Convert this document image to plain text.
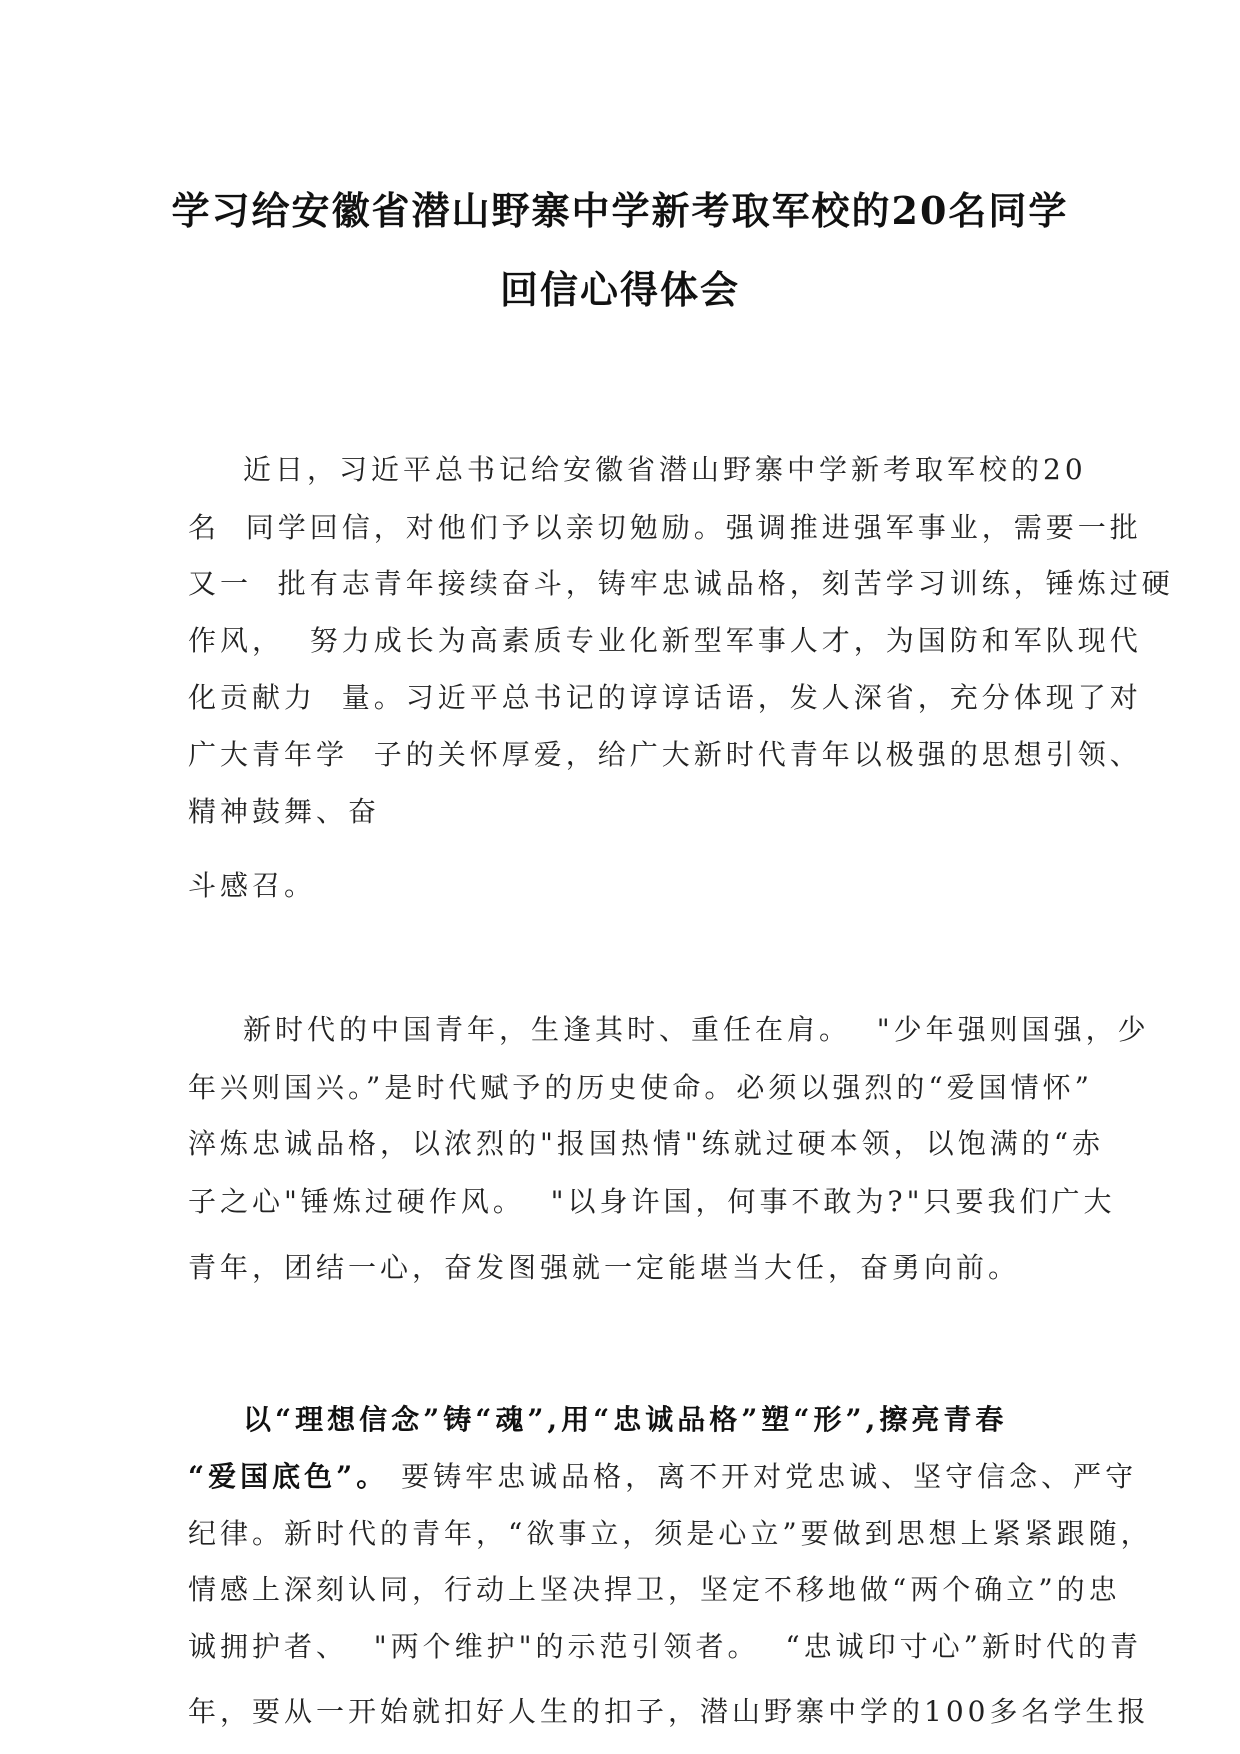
学习给安徽省潜山野寨中学新考取军校的20名同学
回信心得体会
近日，习近平总书记给安徽省潜山野寨中学新考取军校的20
名  同学回信，对他们予以亲切勉励。强调推进强军事业，需要一批
又一  批有志青年接续奋斗，铸牢忠诚品格，刻苦学习训练，锤炼过硬
作风，  努力成长为高素质专业化新型军事人才，为国防和军队现代
化贡献力  量。习近平总书记的谆谆话语，发人深省，充分体现了对
广大青年学  子的关怀厚爱，给广大新时代青年以极强的思想引领、
精神鼓舞、奋
斗感召。
新时代的中国青年，生逢其时、重任在肩。  "少年强则国强，少
年兴则国兴。”是时代赋予的历史使命。必须以强烈的“爱国情怀”
淬炼忠诚品格，以浓烈的"报国热情"练就过硬本领，以饱满的“赤
子之心"锤炼过硬作风。  "以身许国，何事不敢为?"只要我们广大
青年，团结一心，奋发图强就一定能堪当大任，奋勇向前。
以“理想信念”铸“魂”,用“忠诚品格”塑“形”,擦亮青春
“爱国底色”。 要铸牢忠诚品格，离不开对党忠诚、坚守信念、严守
纪律。新时代的青年，“欲事立，须是心立”要做到思想上紧紧跟随，
情感上深刻认同，行动上坚决捍卫，坚定不移地做“两个确立”的忠
诚拥护者、  "两个维护"的示范引领者。  “忠诚印寸心”新时代的青
年，要从一开始就扣好人生的扣子，潜山野寨中学的100多名学生报
